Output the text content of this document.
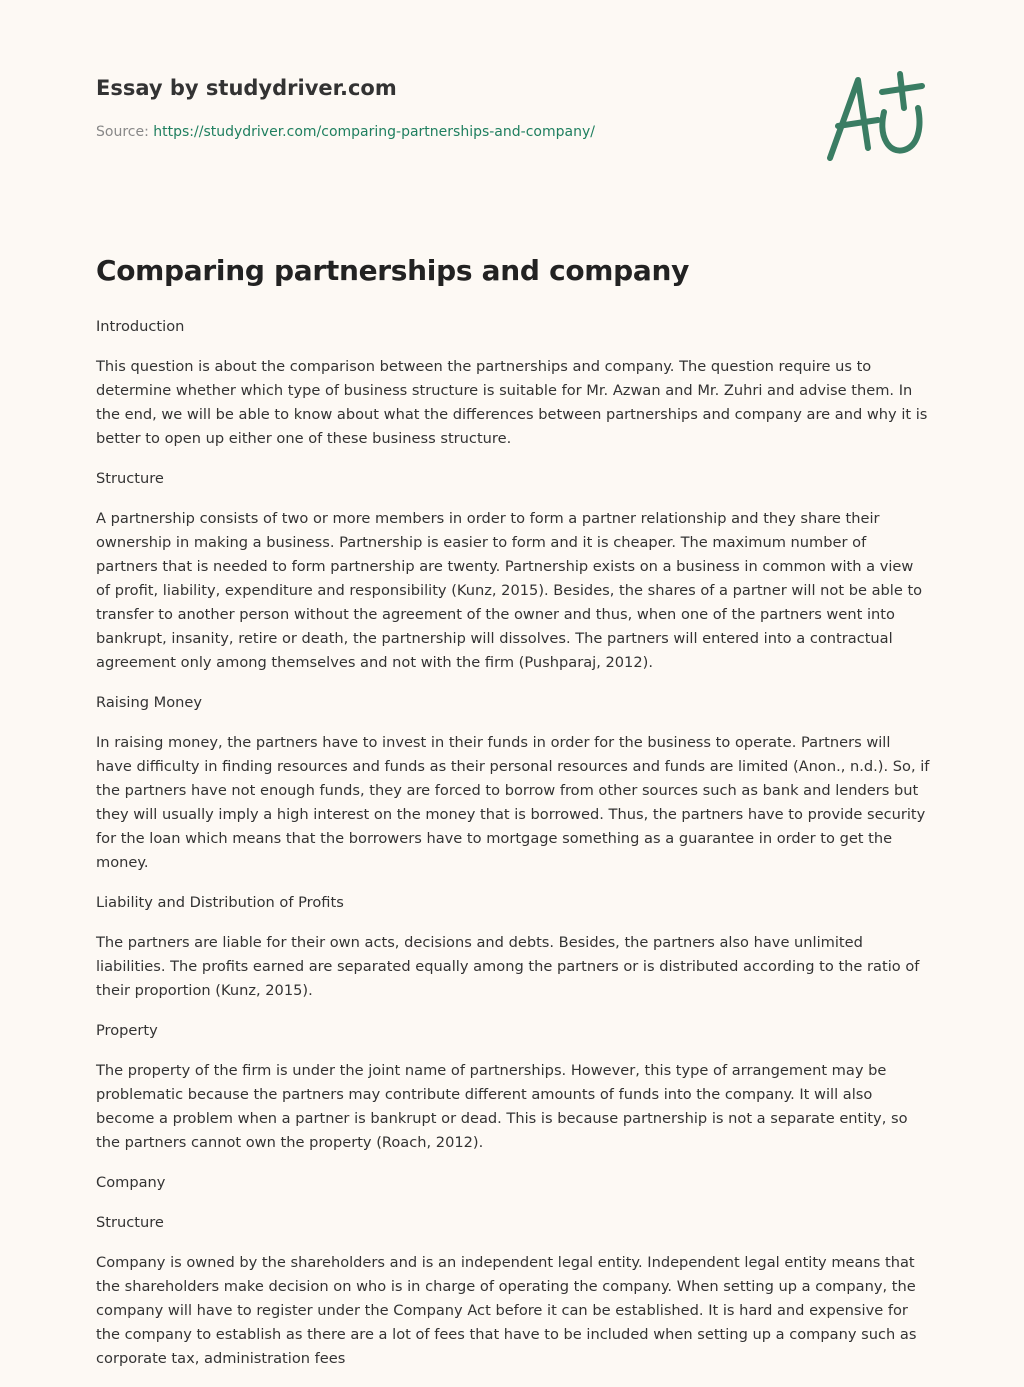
Essay by studydriver.com

Source: https://studydriver.com/comparing-partnerships-and-company/
Comparing partnerships and company

Introduction

This question is about the comparison between the partnerships and company. The question require us to determine whether which type of business structure is suitable for Mr. Azwan and Mr. Zuhri and advise them. In the end, we will be able to know about what the differences between partnerships and company are and why it is better to open up either one of these business structure.

Structure

A partnership consists of two or more members in order to form a partner relationship and they share their ownership in making a business. Partnership is easier to form and it is cheaper. The maximum number of partners that is needed to form partnership are twenty. Partnership exists on a business in common with a view of profit, liability, expenditure and responsibility (Kunz, 2015). Besides, the shares of a partner will not be able to transfer to another person without the agreement of the owner and thus, when one of the partners went into bankrupt, insanity, retire or death, the partnership will dissolves. The partners will entered into a contractual agreement only among themselves and not with the firm (Pushparaj, 2012).

Raising Money

In raising money, the partners have to invest in their funds in order for the business to operate. Partners will have difficulty in finding resources and funds as their personal resources and funds are limited (Anon., n.d.). So, if the partners have not enough funds, they are forced to borrow from other sources such as bank and lenders but they will usually imply a high interest on the money that is borrowed. Thus, the partners have to provide security for the loan which means that the borrowers have to mortgage something as a guarantee in order to get the money.

Liability and Distribution of Profits

The partners are liable for their own acts, decisions and debts. Besides, the partners also have unlimited liabilities. The profits earned are separated equally among the partners or is distributed according to the ratio of their proportion (Kunz, 2015).

Property

The property of the firm is under the joint name of partnerships. However, this type of arrangement may be problematic because the partners may contribute different amounts of funds into the company. It will also become a problem when a partner is bankrupt or dead. This is because partnership is not a separate entity, so the partners cannot own the property (Roach, 2012).

Company

Structure

Company is owned by the shareholders and is an independent legal entity. Independent legal entity means that the shareholders make decision on who is in charge of operating the company. When setting up a company, the company will have to register under the Company Act before it can be established. It is hard and expensive for the company to establish as there are a lot of fees that have to be included when setting up a company such as corporate tax, administration fees
